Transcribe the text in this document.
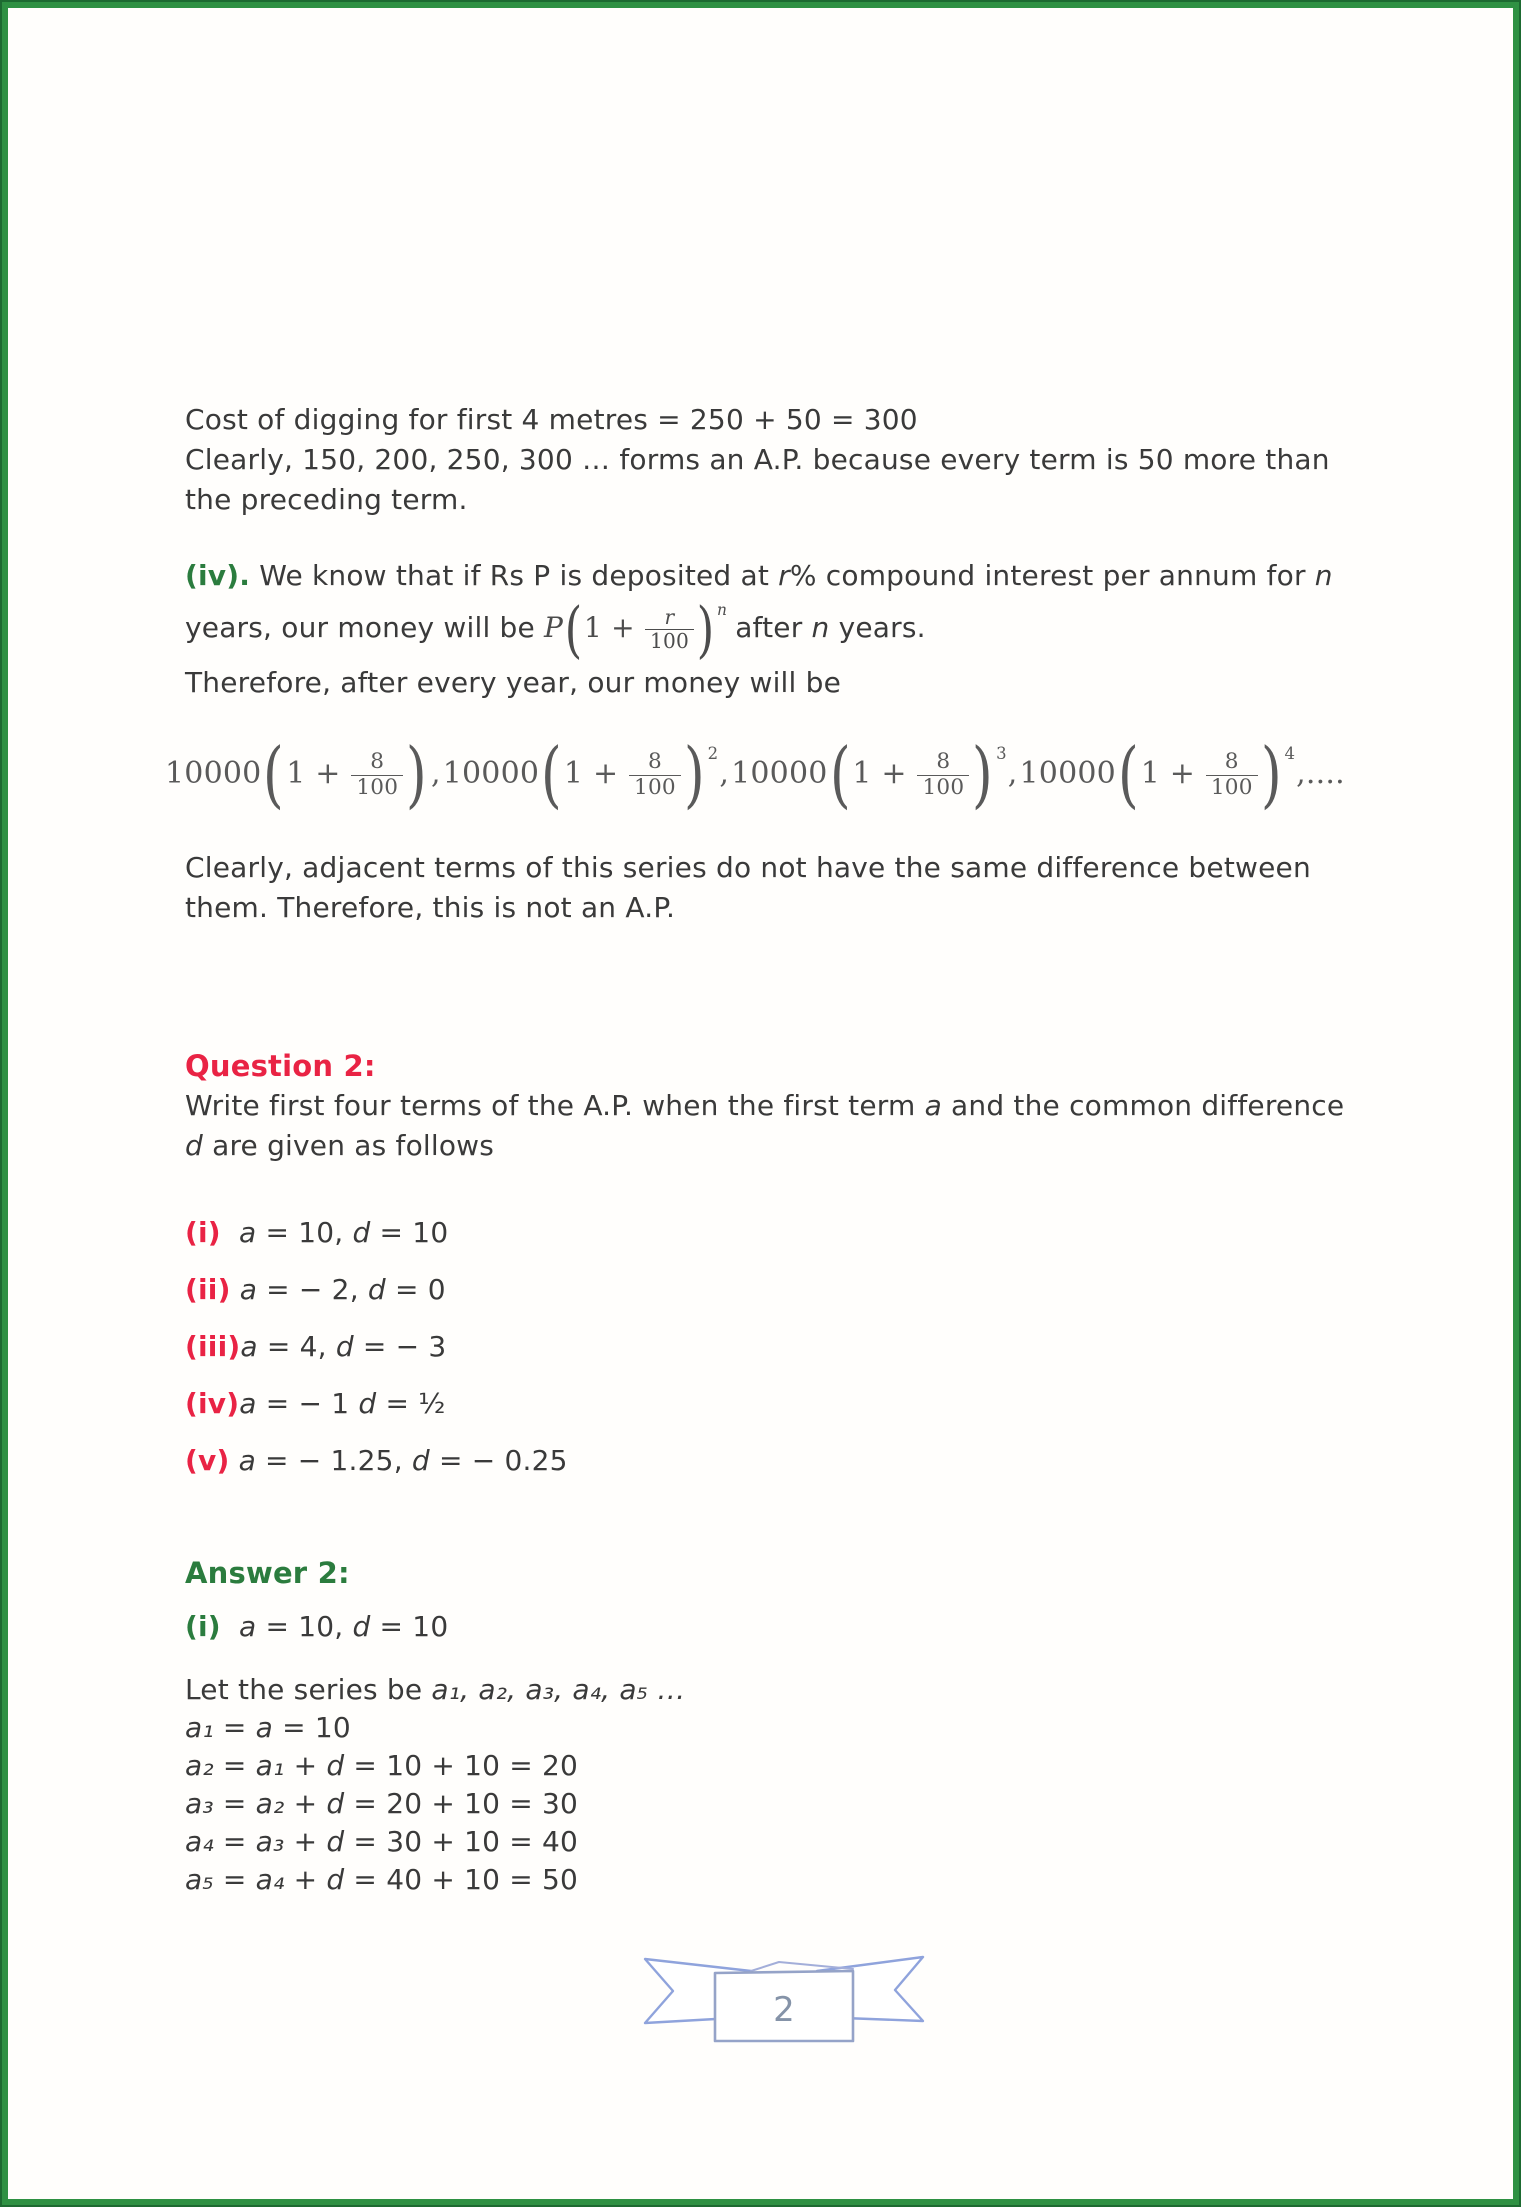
Cost of digging for first 4 metres = 250 + 50 = 300
Clearly, 150, 200, 250, 300 … forms an A.P. because every term is 50 more than the preceding term.
(iv). We know that if Rs P is deposited at r% compound interest per annum for n years, our money will be $P(1 + \frac{r}{100}$ ) n after n years.
Therefore, after every year, our money will be
$10000(1 + \frac{8}{100}$ ) $,10000(1 + \frac{8}{100}$ ) $2,10000(1 + \frac{8}{100}$ ) $3,10000(1 + \frac{8}{100}$ ) 4,....
Clearly, adjacent terms of this series do not have the same difference between them. Therefore, this is not an A.P.
Question 2:
Write first four terms of the A.P. when the first term a and the common difference d are given as follows
(i) a = 10, d = 10
(ii) a = − 2, d = 0
(iii)a = 4, d = − 3
(iv)a = − 1 d = ½
(v) a = − 1.25, d = − 0.25
Answer 2:
(i) a = 10, d = 10
Let the series be a₁, a₂, a₃, a₄, a₅ …
a₁ = a = 10
a₂ = a₁ + d = 10 + 10 = 20
a₃ = a₂ + d = 20 + 10 = 30
a₄ = a₃ + d = 30 + 10 = 40
a₅ = a₄ + d = 40 + 10 = 50
2
